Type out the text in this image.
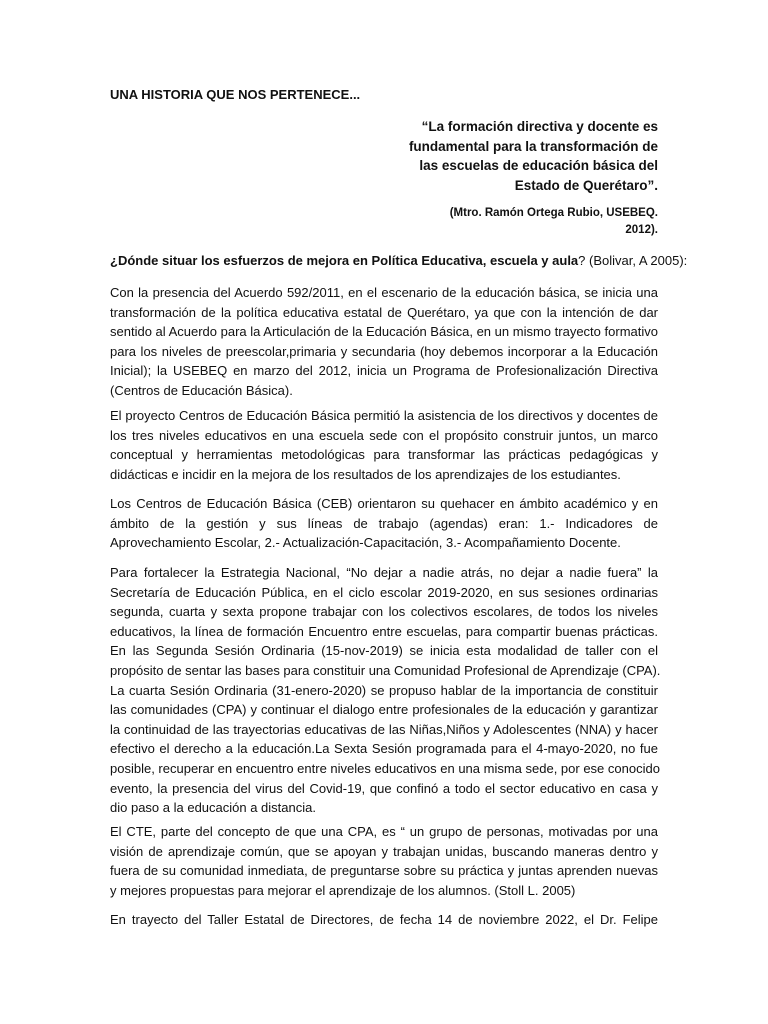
UNA HISTORIA QUE NOS PERTENECE...
“La formación directiva y docente es
fundamental para la transformación de
las escuelas de educación básica del
Estado de Querétaro”.
(Mtro. Ramón Ortega Rubio, USEBEQ.
2012).
¿Dónde situar los esfuerzos de mejora en Política Educativa, escuela y aula? (Bolivar, A 2005):
Con la presencia del Acuerdo 592/2011, en el escenario de la educación básica, se inicia una
transformación de la política educativa estatal de Querétaro, ya que con la intención de dar
sentido al Acuerdo para la Articulación de la Educación Básica, en un mismo trayecto formativo
para los niveles de preescolar,primaria y secundaria (hoy debemos incorporar a la Educación
Inicial); la USEBEQ en marzo del 2012, inicia un Programa de Profesionalización Directiva
(Centros de Educación Básica).
El proyecto Centros de Educación Básica permitió la asistencia de los directivos y docentes de
los tres niveles educativos en una escuela sede con el propósito construir juntos, un marco
conceptual y herramientas metodológicas para transformar las prácticas pedagógicas y
didácticas e incidir en la mejora de los resultados de los aprendizajes de los estudiantes.
Los Centros de Educación Básica (CEB) orientaron su quehacer en ámbito académico y en
ámbito de la gestión y sus líneas de trabajo (agendas) eran: 1.- Indicadores de
Aprovechamiento Escolar, 2.- Actualización-Capacitación, 3.- Acompañamiento Docente.
Para fortalecer la Estrategia Nacional, “No dejar a nadie atrás, no dejar a nadie fuera” la
Secretaría de Educación Pública, en el ciclo escolar 2019-2020, en sus sesiones ordinarias
segunda, cuarta y sexta propone trabajar con los colectivos escolares, de todos los niveles
educativos, la línea de formación Encuentro entre escuelas, para compartir buenas prácticas.
En las Segunda Sesión Ordinaria (15-nov-2019) se inicia esta modalidad de taller con el
propósito de sentar las bases para constituir una Comunidad Profesional de Aprendizaje (CPA).
La cuarta Sesión Ordinaria (31-enero-2020) se propuso hablar de la importancia de constituir
las comunidades (CPA) y continuar el dialogo entre profesionales de la educación y garantizar
la continuidad de las trayectorias educativas de las Niñas,Niños y Adolescentes (NNA) y hacer
efectivo el derecho a la educación.La Sexta Sesión programada para el 4-mayo-2020, no fue
posible, recuperar en encuentro entre niveles educativos en una misma sede, por ese conocido
evento, la presencia del virus del Covid-19, que confinó a todo el sector educativo en casa y
dio paso a la educación a distancia.
El CTE, parte del concepto de que una CPA, es “ un grupo de personas, motivadas por una
visión de aprendizaje común, que se apoyan y trabajan unidas, buscando maneras dentro y
fuera de su comunidad inmediata, de preguntarse sobre su práctica y juntas aprenden nuevas
y mejores propuestas para mejorar el aprendizaje de los alumnos. (Stoll L. 2005)
En trayecto del Taller Estatal de Directores, de fecha 14 de noviembre 2022, el Dr. Felipe
